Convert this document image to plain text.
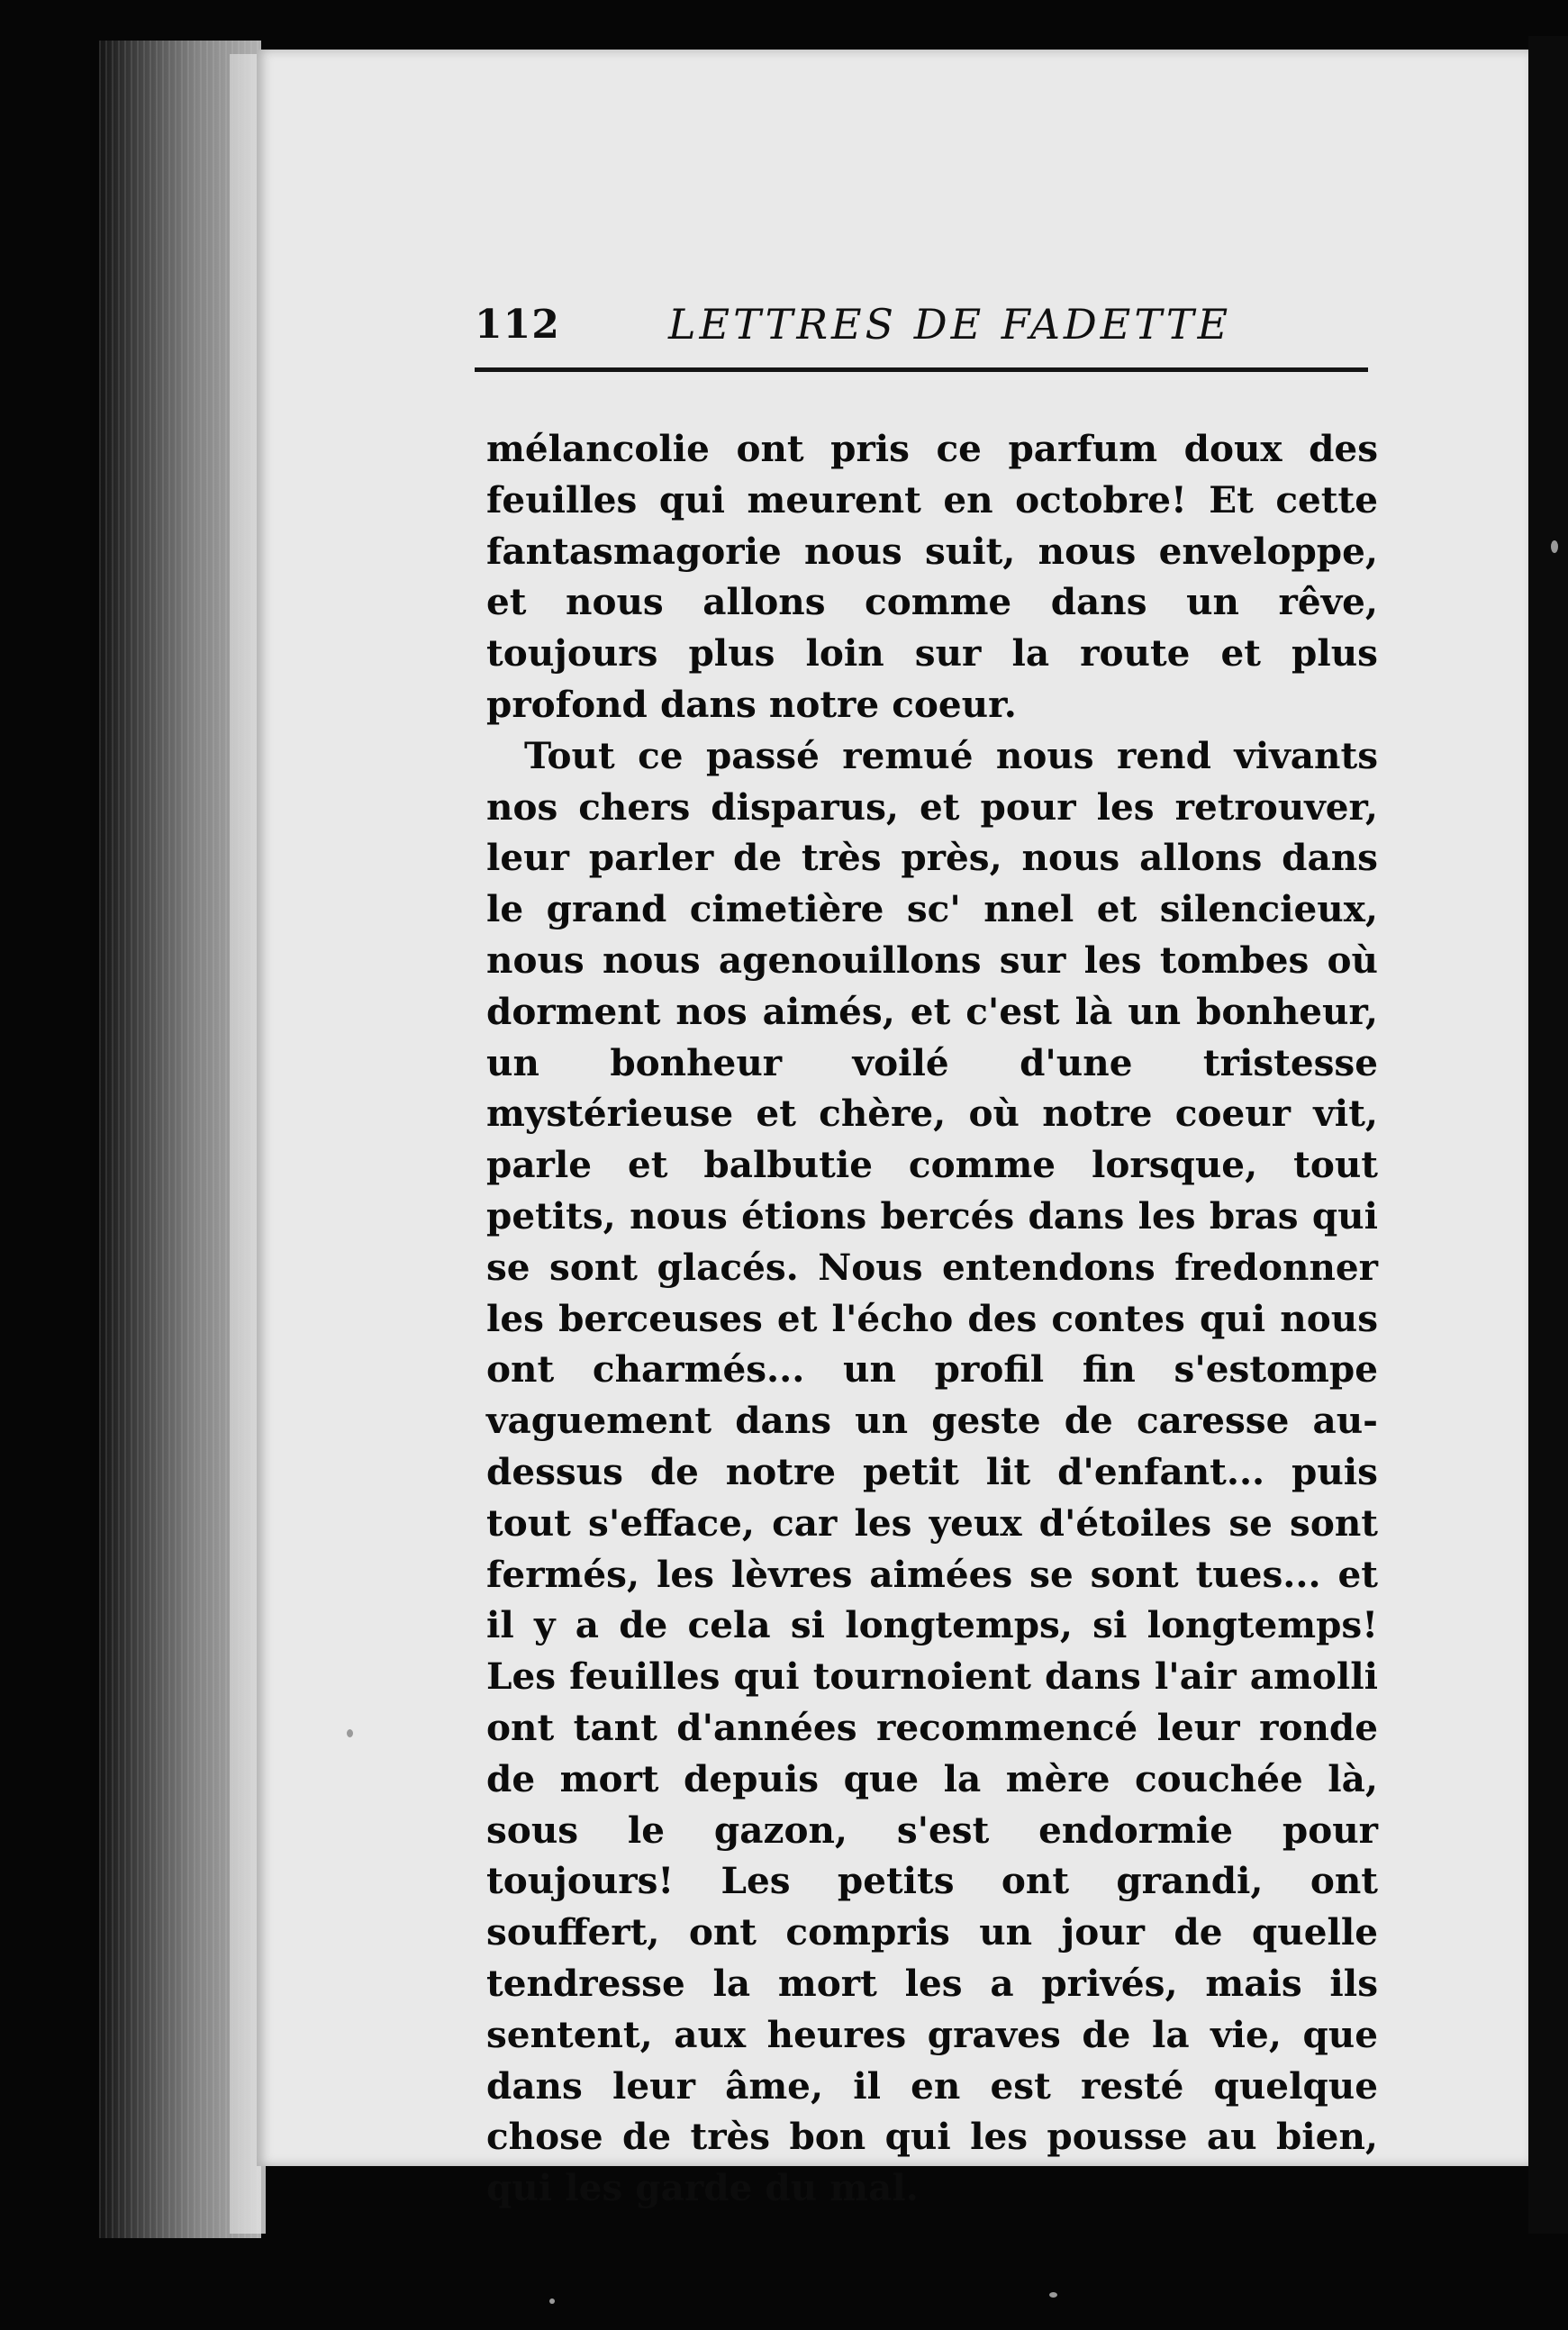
112	LETTRES DE FADETTE

mélancolie ont pris ce parfum doux des feuilles qui meurent en octobre! Et cette fantasmagorie nous suit, nous enveloppe, et nous allons comme dans un rêve, toujours plus loin sur la route et plus profond dans notre coeur.

Tout ce passé remué nous rend vivants nos chers disparus, et pour les retrouver, leur parler de très près, nous allons dans le grand cimetière sc' nnel et silencieux, nous nous agenouillons sur les tombes où dorment nos aimés, et c'est là un bonheur, un bonheur voilé d'une tristesse mystérieuse et chère, où notre coeur vit, parle et balbutie comme lorsque, tout petits, nous étions bercés dans les bras qui se sont glacés. Nous entendons fredonner les berceuses et l'écho des contes qui nous ont charmés... un profil fin s'estompe vaguement dans un geste de caresse au-dessus de notre petit lit d'enfant... puis tout s'efface, car les yeux d'étoiles se sont fermés, les lèvres aimées se sont tues... et il y a de cela si longtemps, si longtemps! Les feuilles qui tournoient dans l'air amolli ont tant d'années recommencé leur ronde de mort depuis que la mère couchée là, sous le gazon, s'est endormie pour toujours! Les petits ont grandi, ont souffert, ont compris un jour de quelle tendresse la mort les a privés, mais ils sentent, aux heures graves de la vie, que dans leur âme, il en est resté quelque chose de très bon qui les pousse au bien, qui les garde du mal.
